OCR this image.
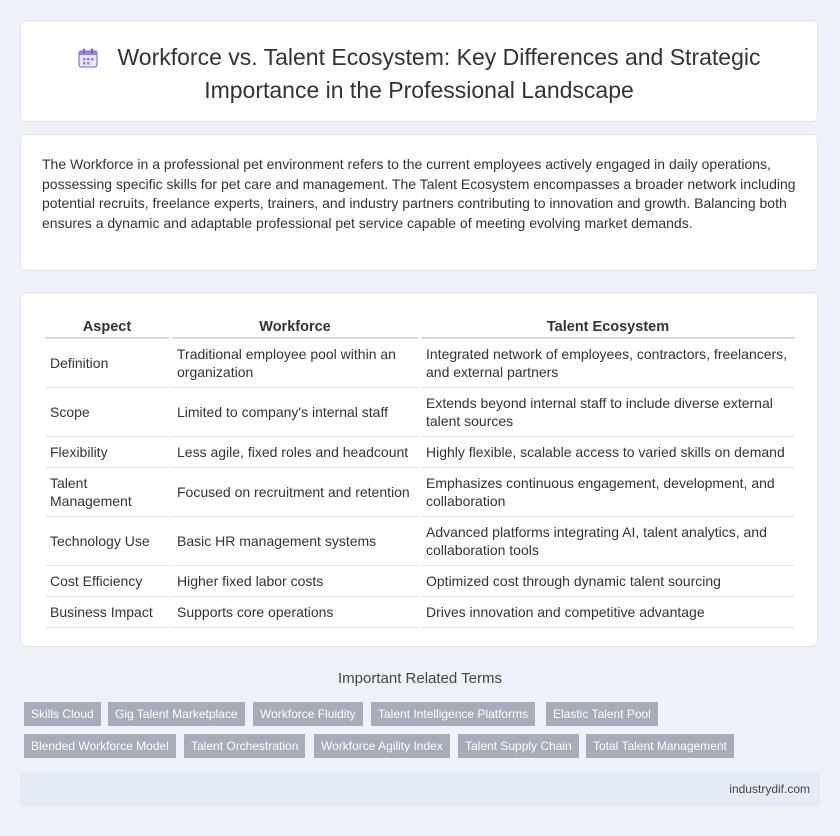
Workforce vs. Talent Ecosystem: Key Differences and Strategic
Importance in the Professional Landscape
The Workforce in a professional pet environment refers to the current employees actively engaged in daily operations, possessing specific skills for pet care and management. The Talent Ecosystem encompasses a broader network including potential recruits, freelance experts, trainers, and industry partners contributing to innovation and growth. Balancing both ensures a dynamic and adaptable professional pet service capable of meeting evolving market demands.
Aspect	Workforce	Talent Ecosystem
Definition	Traditional employee pool within an organization	Integrated network of employees, contractors, freelancers, and external partners
Scope	Limited to company's internal staff	Extends beyond internal staff to include diverse external talent sources
Flexibility	Less agile, fixed roles and headcount	Highly flexible, scalable access to varied skills on demand
Talent Management	Focused on recruitment and retention	Emphasizes continuous engagement, development, and collaboration
Technology Use	Basic HR management systems	Advanced platforms integrating AI, talent analytics, and collaboration tools
Cost Efficiency	Higher fixed labor costs	Optimized cost through dynamic talent sourcing
Business Impact	Supports core operations	Drives innovation and competitive advantage
Important Related Terms
Skills Cloud	Gig Talent Marketplace	Workforce Fluidity	Talent Intelligence Platforms	Elastic Talent Pool
Blended Workforce Model	Talent Orchestration	Workforce Agility Index	Talent Supply Chain	Total Talent Management
industrydif.com
